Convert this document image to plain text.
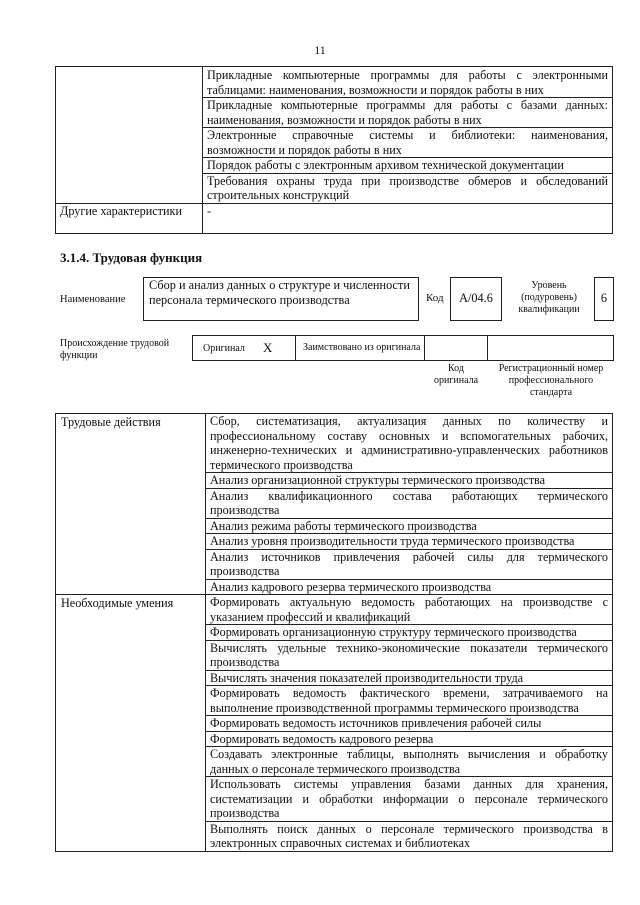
11
	Прикладные компьютерные программы для работы с электронными таблицами: наименования, возможности и порядок работы в них
	Прикладные компьютерные программы для работы с базами данных: наименования, возможности и порядок работы в них
	Электронные справочные системы и библиотеки: наименования, возможности и порядок работы в них
	Порядок работы с электронным архивом технической документации
	Требования охраны труда при производстве обмеров и обследований строительных конструкций
Другие характеристики	-
3.1.4. Трудовая функция
Наименование
Сбор и анализ данных о структуре и численности персонала термического производства	Код	А/04.6
Уровень (подуровень) квалификации
6
Происхождение трудовой функции
Оригинал X	Заимствовано из оригинала
Код оригинала
Регистрационный номер профессионального стандарта
Трудовые действия	Сбор, систематизация, актуализация данных по количеству и профессиональному составу основных и вспомогательных рабочих, инженерно-технических и административно-управленческих работников термического производства
	Анализ организационной структуры термического производства
	Анализ квалификационного состава работающих термического производства
	Анализ режима работы термического производства
	Анализ уровня производительности труда термического производства
	Анализ источников привлечения рабочей силы для термического производства
	Анализ кадрового резерва термического производства
Необходимые умения	Формировать актуальную ведомость работающих на производстве с указанием профессий и квалификаций
	Формировать организационную структуру термического производства
	Вычислять удельные технико-экономические показатели термического производства
	Вычислять значения показателей производительности труда
	Формировать ведомость фактического времени, затрачиваемого на выполнение производственной программы термического производства
	Формировать ведомость источников привлечения рабочей силы
	Формировать ведомость кадрового резерва
	Создавать электронные таблицы, выполнять вычисления и обработку данных о персонале термического производства
	Использовать системы управления базами данных для хранения, систематизации и обработки информации о персонале термического производства
	Выполнять поиск данных о персонале термического производства в электронных справочных системах и библиотеках
